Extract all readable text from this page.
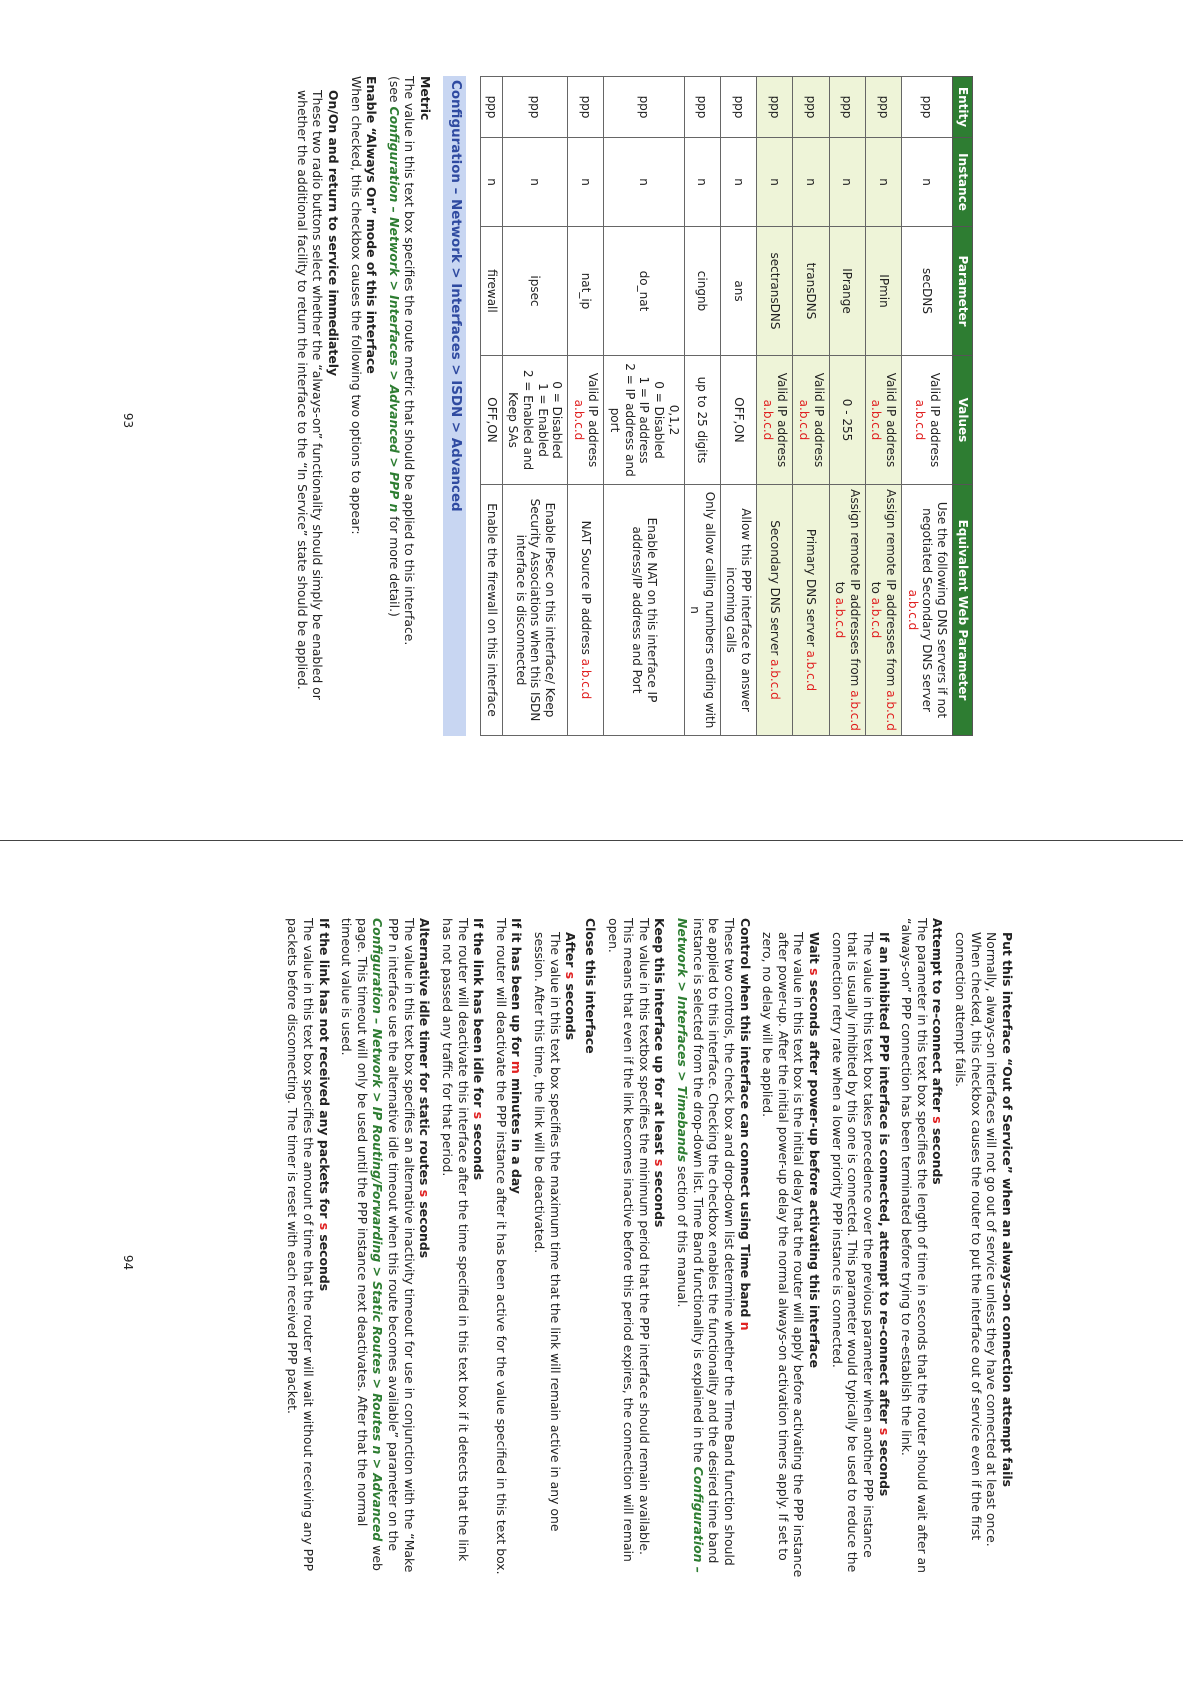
Entity	Instance	Parameter	Values	Equivalent Web Parameter
ppp	n	secDNS	Valid IP address a.b.c.d	Use the following DNS servers if not negotiated Secondary DNS server a.b.c.d
ppp	n	IPmin	Valid IP address a.b.c.d	Assign remote IP addresses from a.b.c.d to a.b.c.d
ppp	n	IPrange	0 - 255	Assign remote IP addresses from a.b.c.d to a.b.c.d
ppp	n	transDNS	Valid IP address a.b.c.d	Primary DNS server a.b.c.d
ppp	n	sectransDNS	Valid IP address a.b.c.d	Secondary DNS server a.b.c.d
ppp	n	ans	OFF,ON	Allow this PPP interface to answer incoming calls
ppp	n	cingnb	up to 25 digits	Only allow calling numbers ending with n
ppp	n	do_nat	0,1,2
0 = Disabled
1 = IP address
2 = IP address and port	Enable NAT on this interface IP address/IP address and Port
ppp	n	nat_ip	Valid IP address a.b.c.d	NAT Source IP address a.b.c.d
ppp	n	ipsec	0 = Disabled
1 = Enabled
2 = Enabled and Keep SAs	Enable IPsec on this interface/ Keep Security Associations when this ISDN interface is disconnected
ppp	n	firewall	OFF,ON	Enable the firewall on this interface
Configuration – Network > Interfaces > ISDN > Advanced
Metric
The value in this text box specifies the route metric that should be applied to this interface.
(see Configuration – Network > Interfaces > Advanced > PPP n for more detail.)
Enable “Always On” mode of this interface
When checked, this checkbox causes the following two options to appear:
On/On and return to service immediately
These two radio buttons select whether the “always-on” functionality should simply be enabled or whether the additional facility to return the interface to the “In Service” state should be applied.
93
Put this interface “Out of Service” when an always-on connection attempt fails
Normally, always-on interfaces will not go out of service unless they have connected at least once. When checked, this checkbox causes the router to put the interface out of service even if the first connection attempt fails.
Attempt to re-connect after s seconds
The parameter in this text box specifies the length of time in seconds that the router should wait after an “always-on” PPP connection has been terminated before trying to re-establish the link.
If an inhibited PPP interface is connected, attempt to re-connect after s seconds
The value in this text box takes precedence over the previous parameter when another PPP instance that is usually inhibited by this one is connected. This parameter would typically be used to reduce the connection retry rate when a lower priority PPP instance is connected.
Wait s seconds after power-up before activating this interface
The value in this text box is the initial delay that the router will apply before activating the PPP instance after power-up. After the initial power-up delay the normal always-on activation timers apply. If set to zero, no delay will be applied.
Control when this interface can connect using Time band n
These two controls, the check box and drop-down list determine whether the Time Band function should be applied to this interface. Checking the checkbox enables the functionality and the desired time band instance is selected from the drop-down list. Time Band functionality is explained in the Configuration – Network > Interfaces > Timebands section of this manual.
Keep this interface up for at least s seconds
The value in this textbox specifies the minimum period that the PPP interface should remain available. This means that even if the link becomes inactive before this period expires, the connection will remain open.
Close this interface
After s seconds
The value in this text box specifies the maximum time that the link will remain active in any one session. After this time, the link will be deactivated.
If it has been up for m minutes in a day
The router will deactivate the PPP instance after it has been active for the value specified in this text box.
If the link has been idle for s seconds
The router will deactivate this interface after the time specified in this text box if it detects that the link has not passed any traffic for that period.
Alternative idle timer for static routes s seconds
The value in this text box specifies an alternative inactivity timeout for use in conjunction with the “Make PPP n interface use the alternative idle timeout when this route becomes available” parameter on the Configuration – Network > IP Routing/Forwarding > Static Routes > Routes n > Advanced web page. This timeout will only be used until the PPP instance next deactivates. After that the normal timeout value is used.
If the link has not received any packets for s seconds
The value in this text box specifies the amount of time that the router will wait without receiving any PPP packets before disconnecting. The timer is reset with each received PPP packet.
94
